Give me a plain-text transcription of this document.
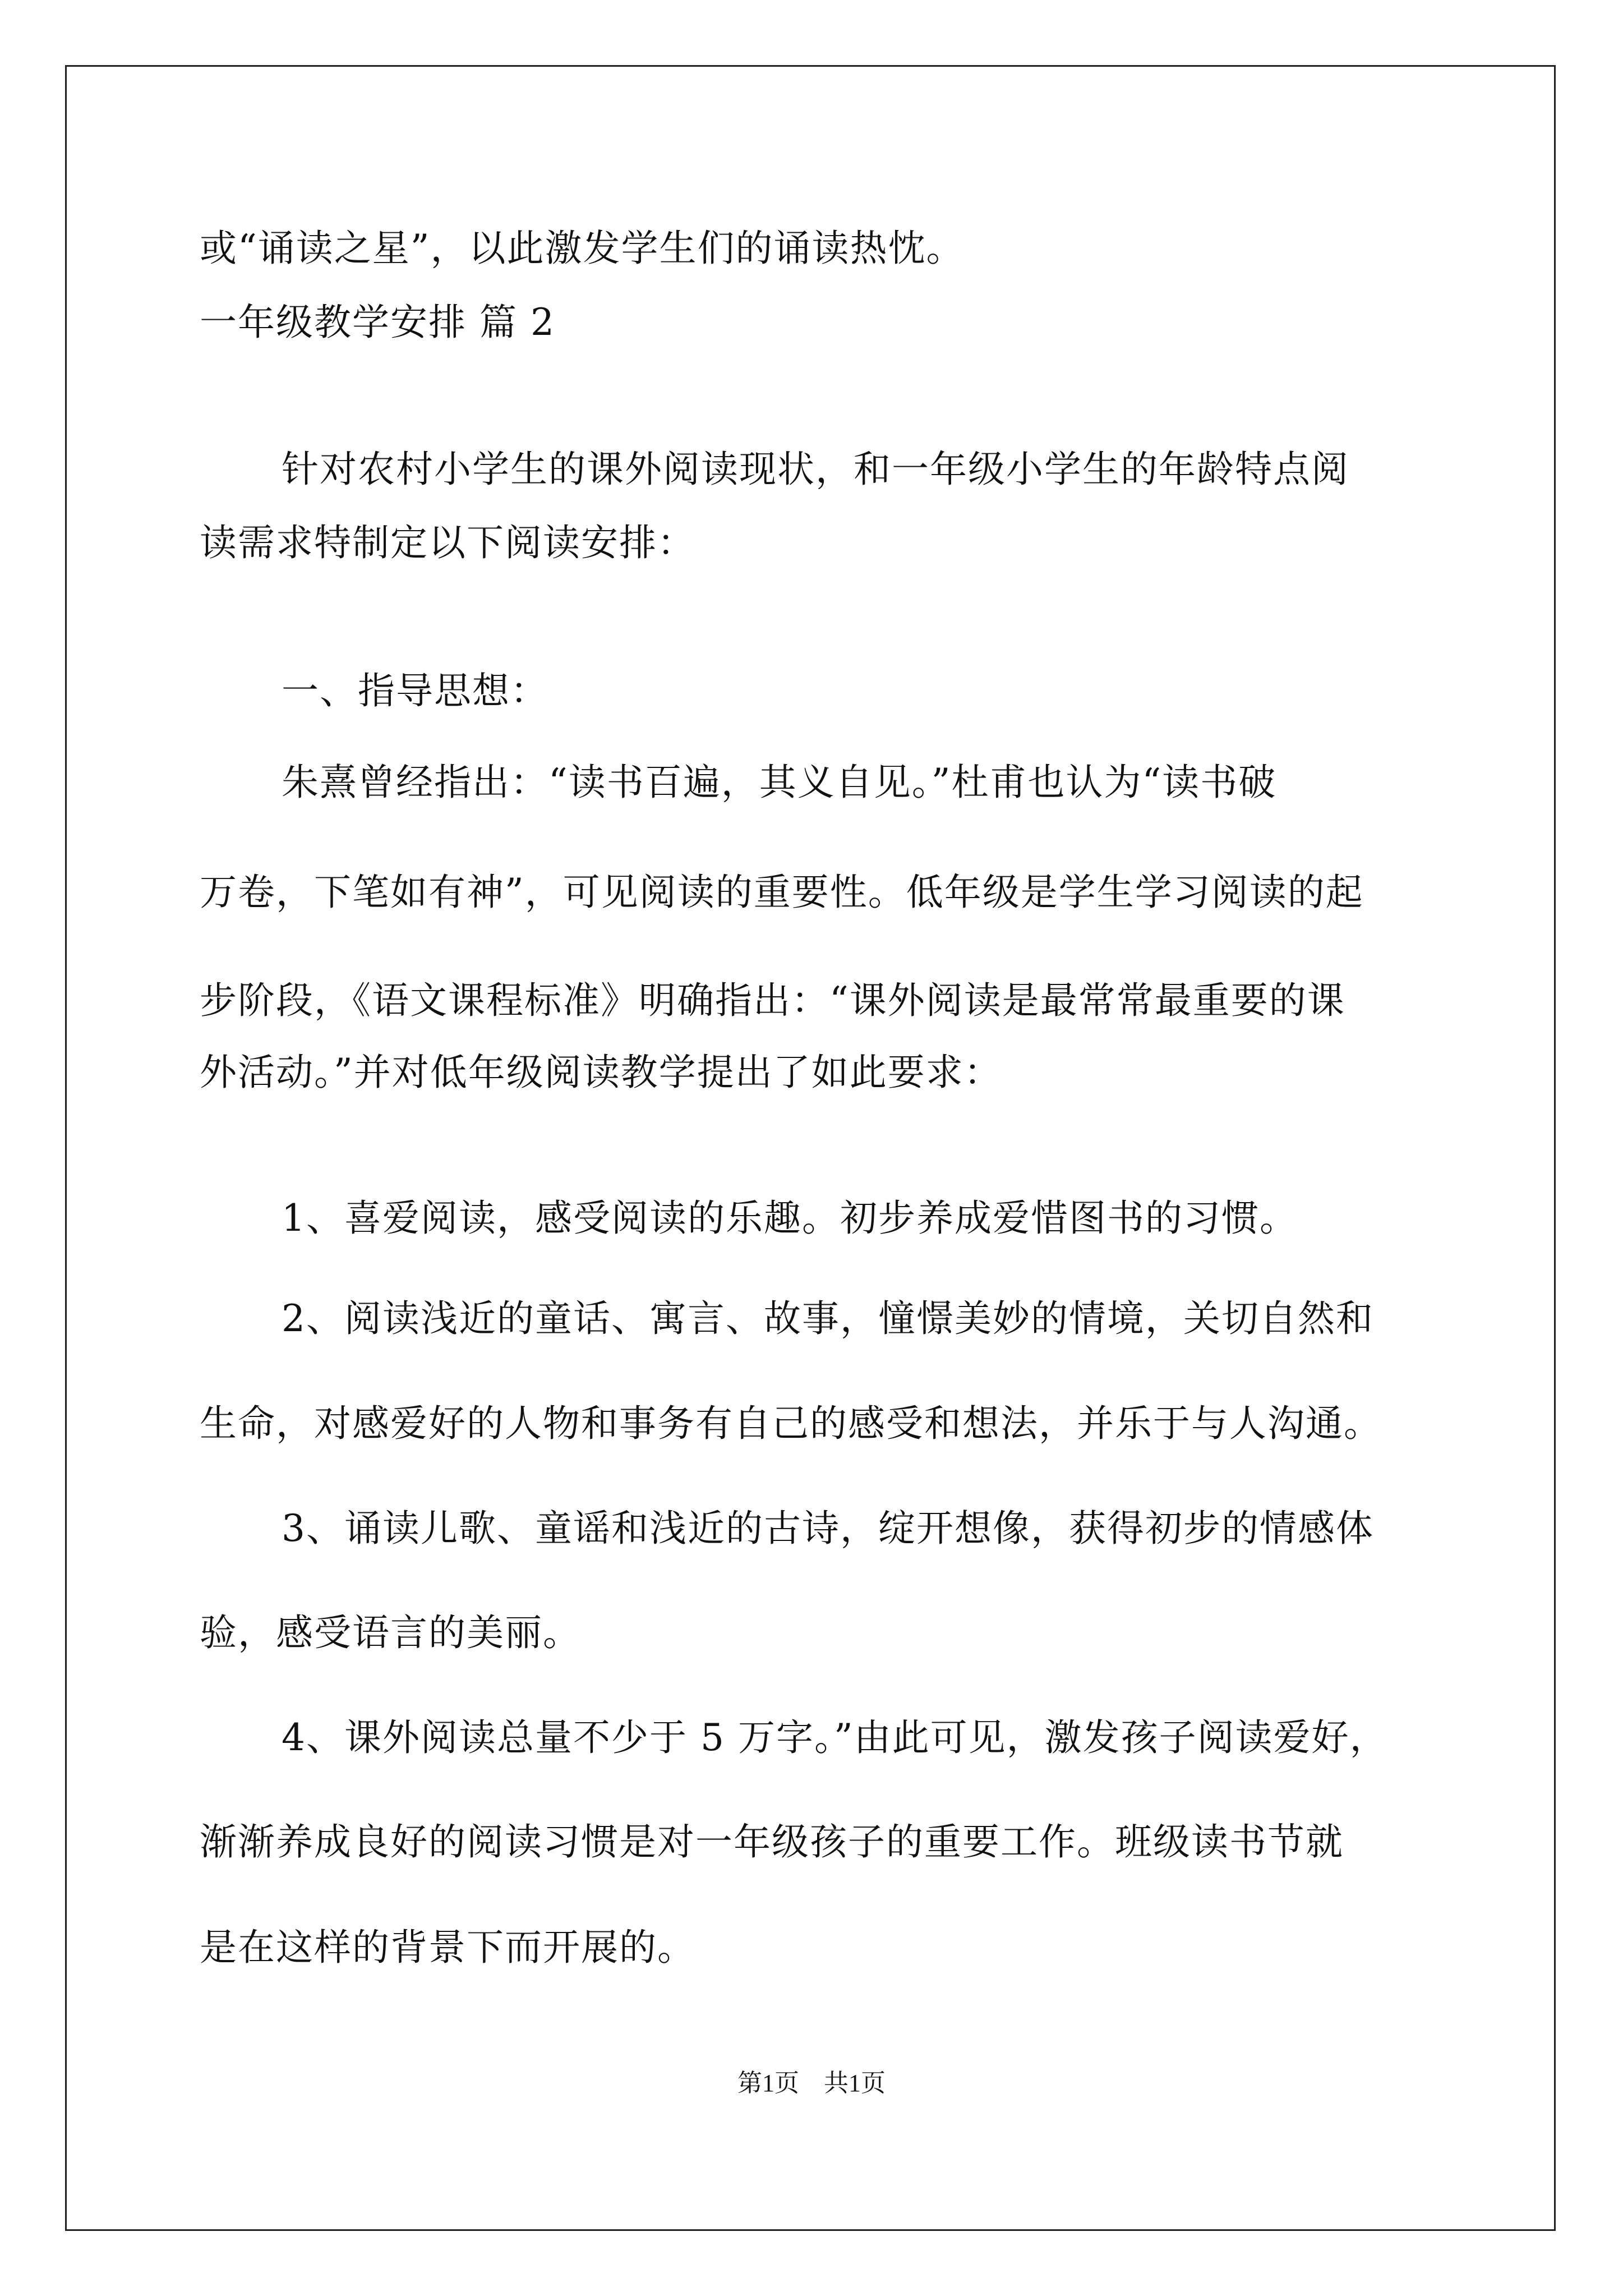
或“诵读之星”，以此激发学生们的诵读热忱。
一年级教学安排 篇 2
针对农村小学生的课外阅读现状，和一年级小学生的年龄特点阅
读需求特制定以下阅读安排：
一、指导思想：
朱熹曾经指出：“读书百遍，其义自见。”杜甫也认为“读书破
万卷，下笔如有神”，可见阅读的重要性。低年级是学生学习阅读的起
步阶段，《语文课程标准》明确指出：“课外阅读是最常常最重要的课
外活动。”并对低年级阅读教学提出了如此要求：
1、喜爱阅读，感受阅读的乐趣。初步养成爱惜图书的习惯。
2、阅读浅近的童话、寓言、故事，憧憬美妙的情境，关切自然和
生命，对感爱好的人物和事务有自己的感受和想法，并乐于与人沟通。
3、诵读儿歌、童谣和浅近的古诗，绽开想像，获得初步的情感体
验，感受语言的美丽。
4、课外阅读总量不少于 5 万字。”由此可见，激发孩子阅读爱好，
渐渐养成良好的阅读习惯是对一年级孩子的重要工作。班级读书节就
是在这样的背景下而开展的。
第1页　共1页
